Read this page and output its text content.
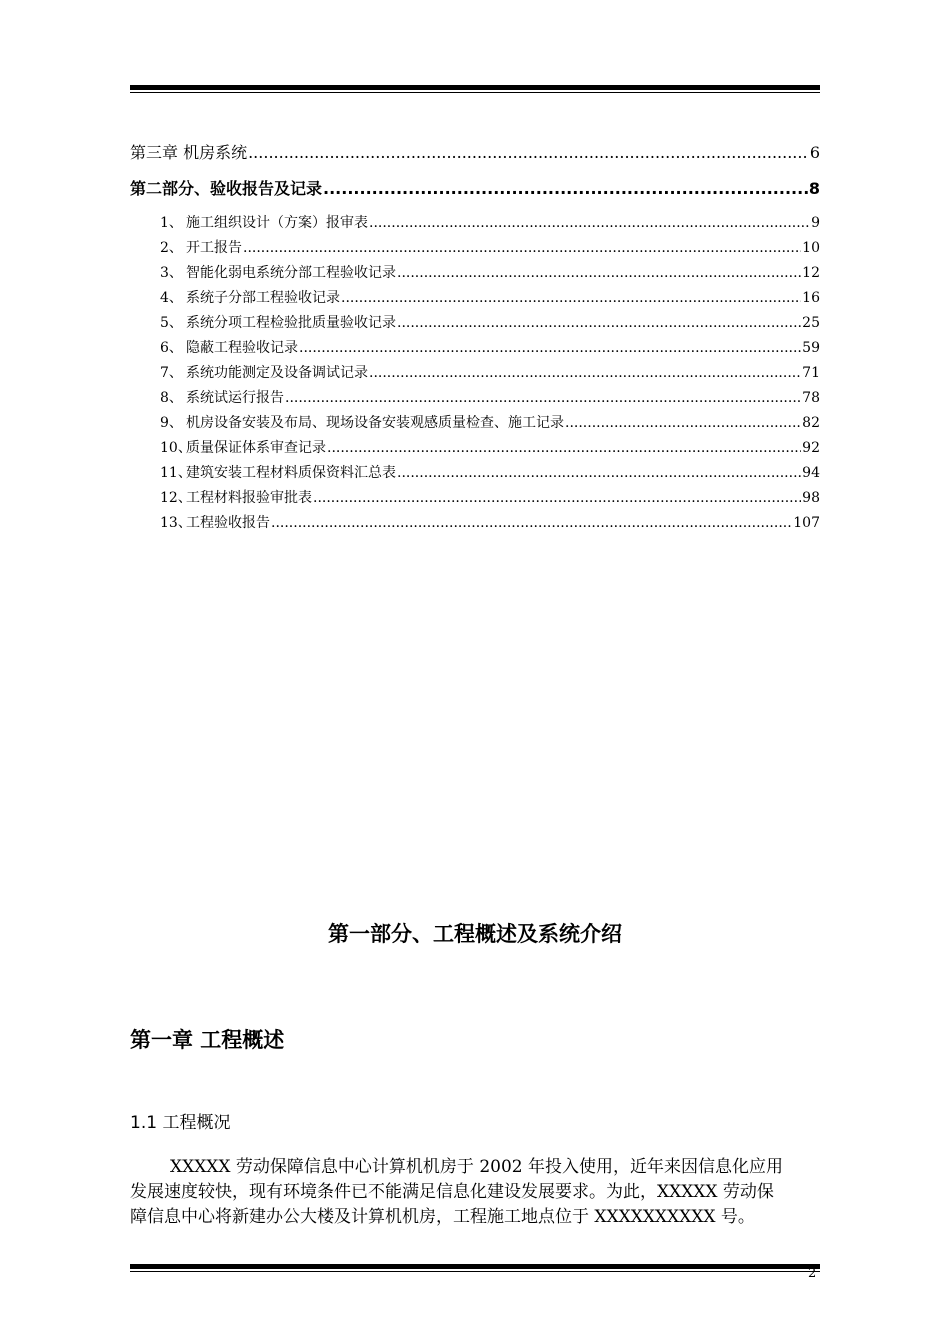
第三章 机房系统 .....	6
第二部分、验收报告及记录 .....	8
1、 施工组织设计（方案）报审表 .....	9
2、 开工报告 .....	10
3、 智能化弱电系统分部工程验收记录 .....	12
4、 系统子分部工程验收记录 .....	16
5、 系统分项工程检验批质量验收记录 .....	25
6、 隐蔽工程验收记录 .....	59
7、 系统功能测定及设备调试记录 .....	71
8、 系统试运行报告 .....	78
9、 机房设备安装及布局、现场设备安装观感质量检查、施工记录 .....	82
10、质量保证体系审查记录 .....	92
11、建筑安装工程材料质保资料汇总表 .....	94
12、工程材料报验审批表 .....	98
13、工程验收报告 .....	107
第一部分、工程概述及系统介绍
第一章 工程概述
1.1 工程概况
XXXXX 劳动保障信息中心计算机机房于 2002 年投入使用，近年来因信息化应用
发展速度较快，现有环境条件已不能满足信息化建设发展要求。为此，XXXXX 劳动保
障信息中心将新建办公大楼及计算机机房，工程施工地点位于 XXXXXXXXXX 号。
2
